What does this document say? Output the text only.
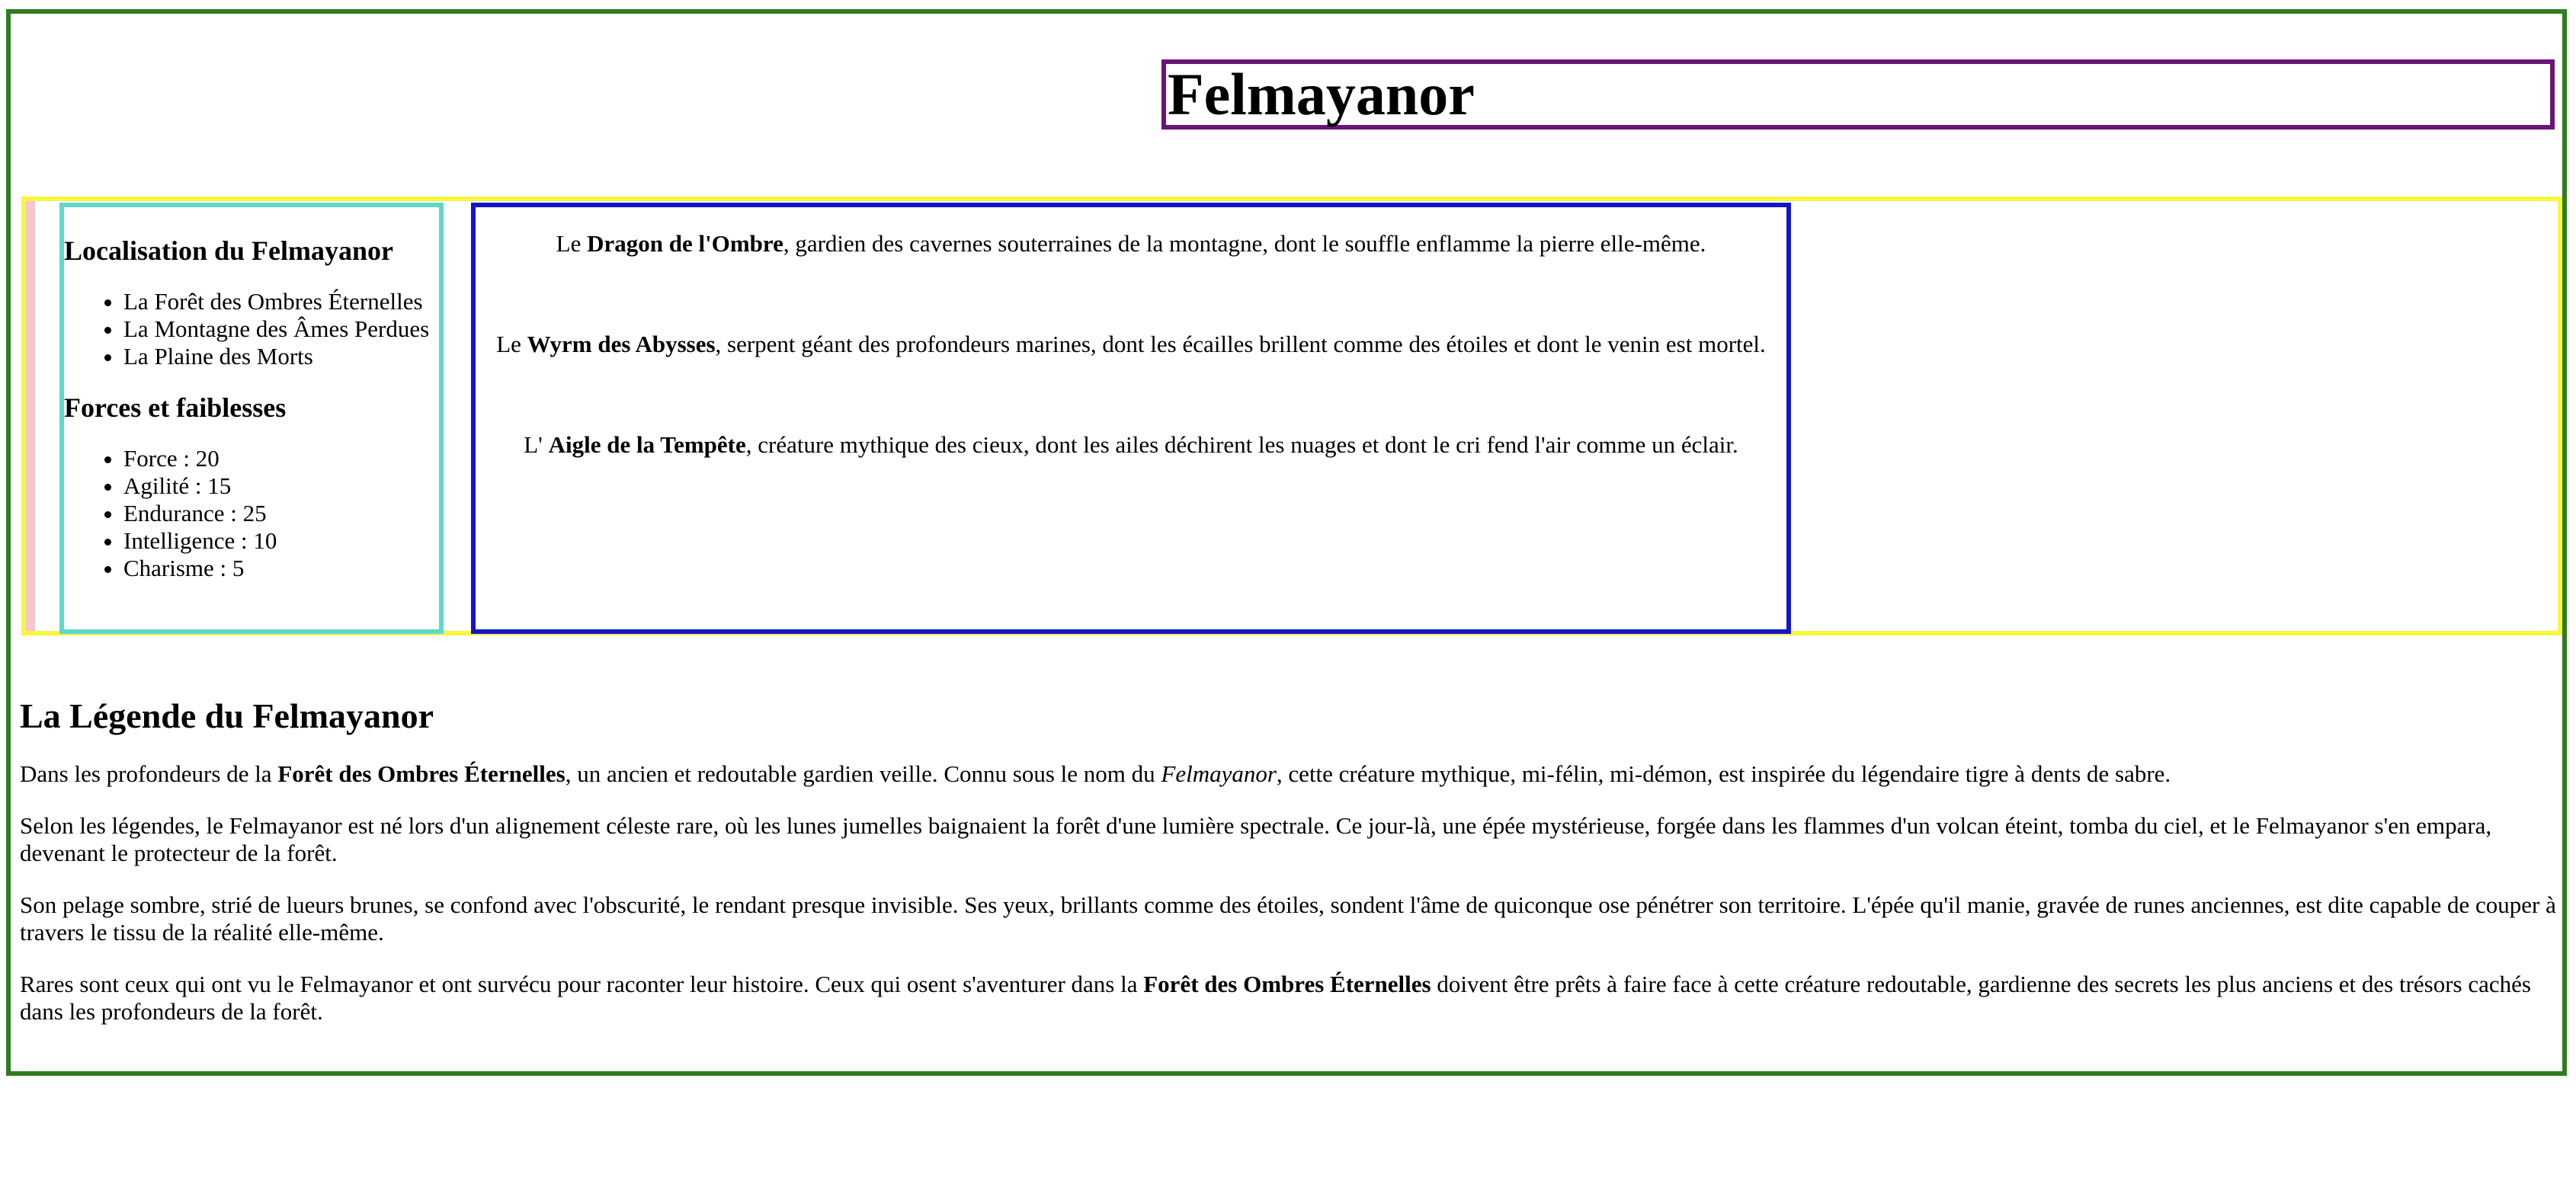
Felmayanor
Localisation du Felmayanor
• La Forêt des Ombres Éternelles
• La Montagne des Âmes Perdues
• La Plaine des Morts
Forces et faiblesses
• Force : 20
• Agilité : 15
• Endurance : 25
• Intelligence : 10
• Charisme : 5

Le Dragon de l'Ombre, gardien des cavernes souterraines de la montagne, dont le souffle enflamme la pierre elle-même.

Le Wyrm des Abysses, serpent géant des profondeurs marines, dont les écailles brillent comme des étoiles et dont le venin est mortel.

L' Aigle de la Tempête, créature mythique des cieux, dont les ailes déchirent les nuages et dont le cri fend l'air comme un éclair.

La Légende du Felmayanor

Dans les profondeurs de la Forêt des Ombres Éternelles, un ancien et redoutable gardien veille. Connu sous le nom du Felmayanor, cette créature mythique, mi-félin, mi-démon, est inspirée du légendaire tigre à dents de sabre.

Selon les légendes, le Felmayanor est né lors d'un alignement céleste rare, où les lunes jumelles baignaient la forêt d'une lumière spectrale. Ce jour-là, une épée mystérieuse, forgée dans les flammes d'un volcan éteint, tomba du ciel, et le Felmayanor s'en empara, devenant le protecteur de la forêt.

Son pelage sombre, strié de lueurs brunes, se confond avec l'obscurité, le rendant presque invisible. Ses yeux, brillants comme des étoiles, sondent l'âme de quiconque ose pénétrer son territoire. L'épée qu'il manie, gravée de runes anciennes, est dite capable de couper à travers le tissu de la réalité elle-même.

Rares sont ceux qui ont vu le Felmayanor et ont survécu pour raconter leur histoire. Ceux qui osent s'aventurer dans la Forêt des Ombres Éternelles doivent être prêts à faire face à cette créature redoutable, gardienne des secrets les plus anciens et des trésors cachés dans les profondeurs de la forêt.
